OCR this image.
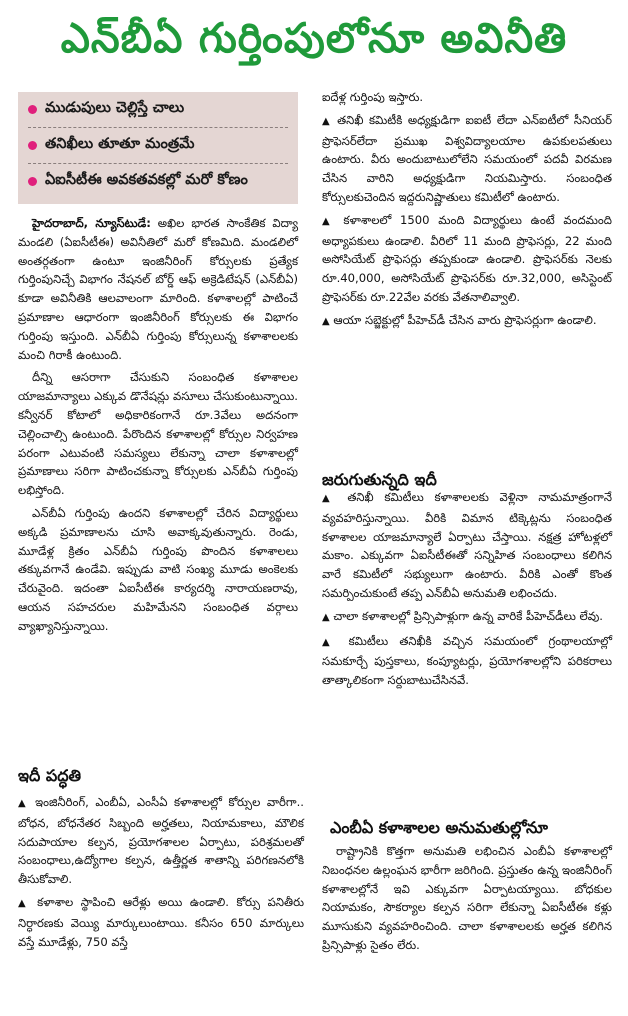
ఎన్‌బీఏ గుర్తింపులోనూ అవినీతి
ముడుపులు చెల్లిస్తే చాలు
తనిఖీలు తూతూ మంత్రమే
ఏఐసీటీఈ అవకతవకల్లో మరో కోణం

హైదరాబాద్, న్యూస్‌టుడే: అఖిల భారత సాంకేతిక విద్యా మండలి (ఏఐసీటీఈ) అవినీతిలో మరో కోణమిది. మండలిలో అంతర్గతంగా ఉంటూ ఇంజినీరింగ్ కోర్సులకు ప్రత్యేక గుర్తింపునిచ్చే విభాగం నేషనల్ బోర్డ్ ఆఫ్ అక్రెడిటేషన్ (ఎన్‌బీఏ) కూడా అవినీతికి ఆలవాలంగా మారింది. కళాశాలల్లో పాటించే ప్రమాణాల ఆధారంగా ఇంజినీరింగ్ కోర్సులకు ఈ విభాగం గుర్తింపు ఇస్తుంది. ఎన్‌బీఏ గుర్తింపు కోర్సులున్న కళాశాలలకు మంచి గిరాకీ ఉంటుంది.

దీన్ని ఆసరాగా చేసుకుని సంబంధిత కళాశాలల యాజమాన్యాలు ఎక్కువ డొనేషన్లు వసూలు చేసుకుంటున్నాయి. కన్వీనర్ కోటాలో అధికారికంగానే రూ.3వేలు అదనంగా చెల్లించాల్సి ఉంటుంది. పేరొందిన కళాశాలల్లో కోర్సుల నిర్వహణ పరంగా ఎటువంటి సమస్యలు లేకున్నా చాలా కళాశాలల్లో ప్రమాణాలు సరిగా పాటించకున్నా కోర్సులకు ఎన్‌బీఏ గుర్తింపు లభిస్తోంది.

ఎన్‌బీఏ గుర్తింపు ఉందని కళాశాలల్లో చేరిన విద్యార్థులు అక్కడి ప్రమాణాలను చూసి అవాక్కవుతున్నారు. రెండు, మూడేళ్ల క్రితం ఎన్‌బీఏ గుర్తింపు పొందిన కళాశాలలు తక్కువగానే ఉండేవి. ఇప్పుడు వాటి సంఖ్య మూడు అంకెలకు చేరువైంది. ఇదంతా ఏఐసీటీఈ కార్యదర్శి నారాయణరావు, ఆయన సహచరుల మహిమేనని సంబంధిత వర్గాలు వ్యాఖ్యానిస్తున్నాయి.

ఇదీ పద్ధతి

▲ ఇంజినీరింగ్, ఎంబీఏ, ఎంసీఏ కళాశాలల్లో కోర్సుల వారీగా.. బోధన, బోధనేతర సిబ్బంది అర్హతలు, నియామకాలు, మౌలిక సదుపాయాల కల్పన, ప్రయోగశాలల ఏర్పాటు, పరిశ్రమలతో సంబంధాలు,ఉద్యోగాల కల్పన, ఉత్తీర్ణత శాతాన్ని పరిగణనలోకి తీసుకోవాలి.

▲ కళాశాల స్థాపించి ఆరేళ్లు అయి ఉండాలి. కోర్సు పనితీరు నిర్ధారణకు వెయ్యి మార్కులుంటాయి. కనీసం 650 మార్కులు వస్తే మూడేళ్లు, 750 వస్తే

ఐదేళ్ల గుర్తింపు ఇస్తారు.

▲ తనిఖీ కమిటీకి అధ్యక్షుడిగా ఐఐటీ లేదా ఎన్ఐటీలో సీనియర్ ప్రొఫెసర్‌లేదా ప్రముఖ విశ్వవిద్యాలయాల ఉపకులపతులు ఉంటారు. వీరు అందుబాటులోలేని సమయంలో పదవీ విరమణ చేసిన వారిని అధ్యక్షుడిగా నియమిస్తారు. సంబంధిత కోర్సులకుచెందిన ఇద్దరునిష్ణాతులు కమిటీలో ఉంటారు.

▲ కళాశాలలో 1500 మంది విద్యార్థులు ఉంటే వందమంది అధ్యాపకులు ఉండాలి. వీరిలో 11 మంది ప్రొఫెసర్లు, 22 మంది అసోసియేట్ ప్రొఫెసర్లు తప్పకుండా ఉండాలి. ప్రొఫెసర్‌కు నెలకు రూ.40,000, అసోసియేట్ ప్రొఫెసర్‌కు రూ.32,000, అసిస్టెంట్ ప్రొఫెసర్‌కు రూ.22వేల వరకు వేతనాలివ్వాలి.

▲ ఆయా సబ్జెక్టుల్లో పీహెచ్‌డీ చేసిన వారు ప్రొఫెసర్లుగా ఉండాలి.

జరుగుతున్నది ఇదీ

▲ తనిఖీ కమిటీలు కళాశాలలకు వెళ్లినా నామమాత్రంగానే వ్యవహరిస్తున్నాయి. వీరికి విమాన టిక్కెట్లను సంబంధిత కళాశాలల యాజమాన్యాలే ఏర్పాటు చేస్తాయి. నక్షత్ర హోటళ్లలో మకాం. ఎక్కువగా ఏఐసీటీఈతో సన్నిహిత సంబంధాలు కలిగిన వారే కమిటీలో సభ్యులుగా ఉంటారు. వీరికి ఎంతో కొంత సమర్పించుకుంటే తప్ప ఎన్‌బీఏ అనుమతి లభించదు.

▲ చాలా కళాశాలల్లో ప్రిన్సిపాళ్లుగా ఉన్న వారికే పీహెచ్‌డీలు లేవు.

▲ కమిటీలు తనిఖీకి వచ్చిన సమయంలో గ్రంథాలయాల్లో సమకూర్చే పుస్తకాలు, కంప్యూటర్లు, ప్రయోగశాలల్లోని పరికరాలు తాత్కాలికంగా సర్దుబాటుచేసినవే.

ఎంబీఏ కళాశాలల అనుమతుల్లోనూ

రాష్ట్రానికి కొత్తగా అనుమతి లభించిన ఎంబీఏ కళాశాలల్లో నిబంధనల ఉల్లంఘన భారీగా జరిగింది. ప్రస్తుతం ఉన్న ఇంజినీరింగ్ కళాశాలల్లోనే ఇవి ఎక్కువగా ఏర్పాటయ్యాయి. బోధకుల నియామకం, సౌకర్యాల కల్పన సరిగా లేకున్నా ఏఐసీటీఈ కళ్లు మూసుకుని వ్యవహరించింది. చాలా కళాశాలలకు అర్హత కలిగిన ప్రిన్సిపాళ్లు సైతం లేరు.
